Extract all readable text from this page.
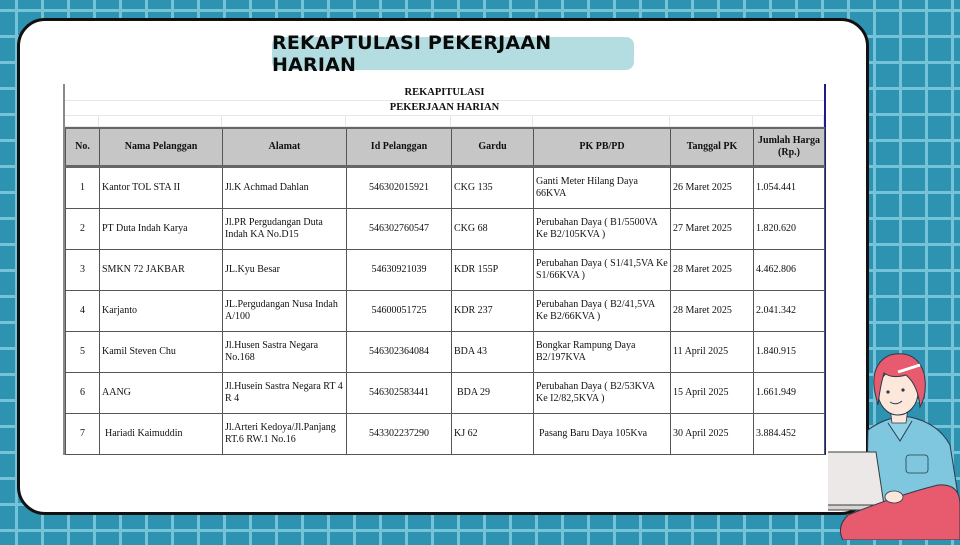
REKAPTULASI PEKERJAAN HARIAN
REKAPITULASI
PEKERJAAN HARIAN
No.	Nama Pelanggan	Alamat	Id Pelanggan	Gardu	PK PB/PD	Tanggal PK	Jumlah Harga (Rp.)
1	Kantor TOL STA II	Jl.K Achmad Dahlan	546302015921	CKG 135	Ganti Meter Hilang Daya 66KVA	26 Maret 2025	1.054.441
2	PT Duta Indah Karya	Jl.PR Pergudangan Duta Indah KA No.D15	546302760547	CKG 68	Perubahan Daya ( B1/5500VA Ke B2/105KVA )	27 Maret 2025	1.820.620
3	SMKN 72 JAKBAR	JL.Kyu Besar	54630921039	KDR 155P	Perubahan Daya ( S1/41,5VA Ke S1/66KVA )	28 Maret 2025	4.462.806
4	Karjanto	JL.Pergudangan Nusa Indah A/100	54600051725	KDR 237	Perubahan Daya ( B2/41,5VA Ke B2/66KVA )	28 Maret 2025	2.041.342
5	Kamil Steven Chu	Jl.Husen Sastra Negara No.168	546302364084	BDA 43	Bongkar Rampung Daya B2/197KVA	11 April 2025	1.840.915
6	AANG	Jl.Husein Sastra Negara RT 4 R 4	546302583441	BDA 29	Perubahan Daya ( B2/53KVA Ke I2/82,5KVA )	15 April 2025	1.661.949
7	Hariadi Kaimuddin	Jl.Arteri Kedoya/Jl.Panjang RT.6 RW.1 No.16	543302237290	KJ 62	Pasang Baru Daya 105Kva	30 April 2025	3.884.452
